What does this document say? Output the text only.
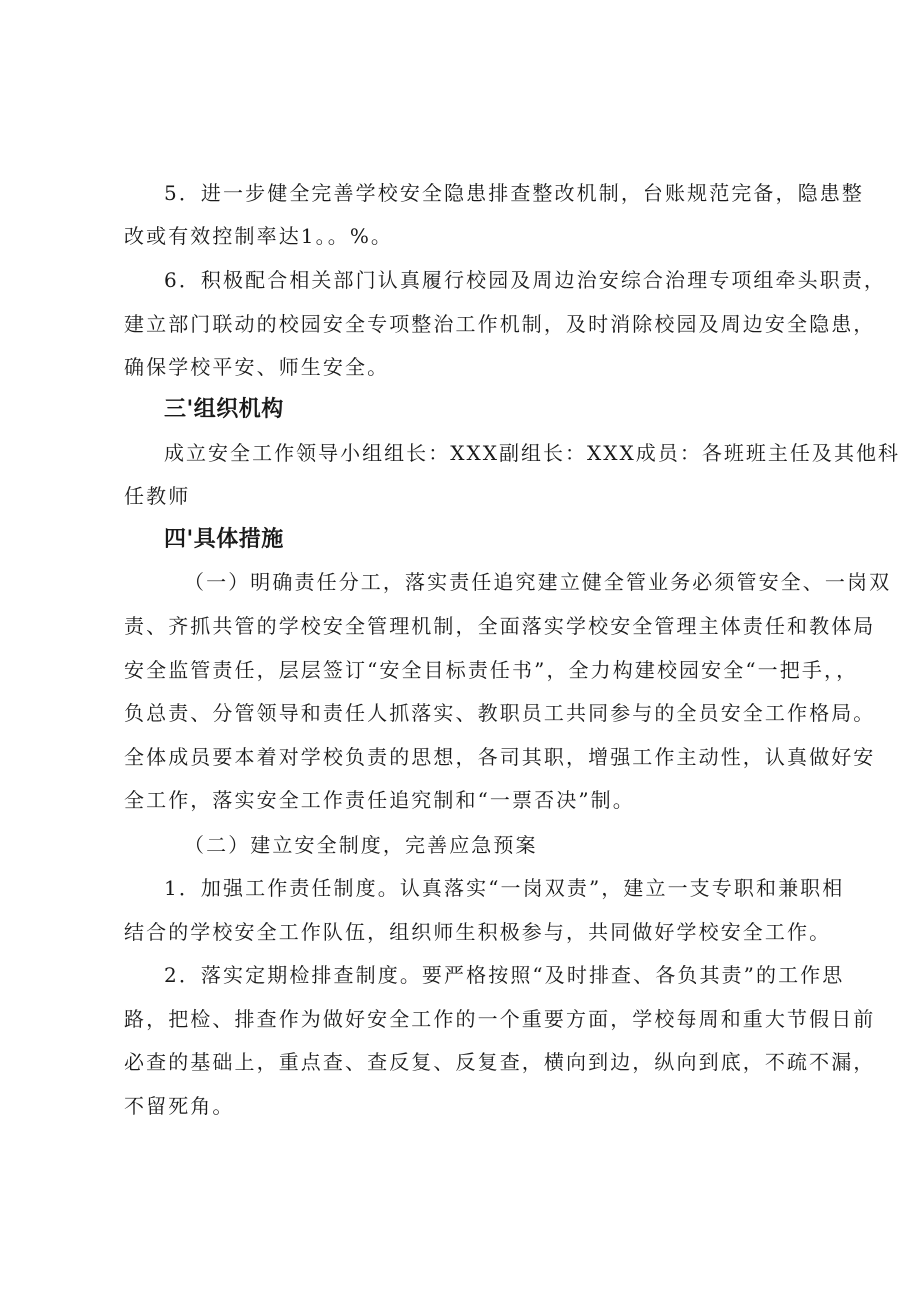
5．进一步健全完善学校安全隐患排查整改机制，台账规范完备，隐患整
改或有效控制率达1。。%。
6．积极配合相关部门认真履行校园及周边治安综合治理专项组牵头职责，
建立部门联动的校园安全专项整治工作机制，及时消除校园及周边安全隐患，
确保学校平安、师生安全。
三'组织机构
成立安全工作领导小组组长：XXX副组长：XXX成员：各班班主任及其他科
任教师
四'具体措施
（一）明确责任分工，落实责任追究建立健全管业务必须管安全、一岗双
责、齐抓共管的学校安全管理机制，全面落实学校安全管理主体责任和教体局
安全监管责任，层层签订“安全目标责任书”，全力构建校园安全“一把手，，
负总责、分管领导和责任人抓落实、教职员工共同参与的全员安全工作格局。
全体成员要本着对学校负责的思想，各司其职，增强工作主动性，认真做好安
全工作，落实安全工作责任追究制和“一票否决”制。
（二）建立安全制度，完善应急预案
1．加强工作责任制度。认真落实“一岗双责”，建立一支专职和兼职相
结合的学校安全工作队伍，组织师生积极参与，共同做好学校安全工作。
2．落实定期检排查制度。要严格按照“及时排查、各负其责”的工作思
路，把检、排查作为做好安全工作的一个重要方面，学校每周和重大节假日前
必查的基础上，重点查、查反复、反复查，横向到边，纵向到底，不疏不漏，
不留死角。
